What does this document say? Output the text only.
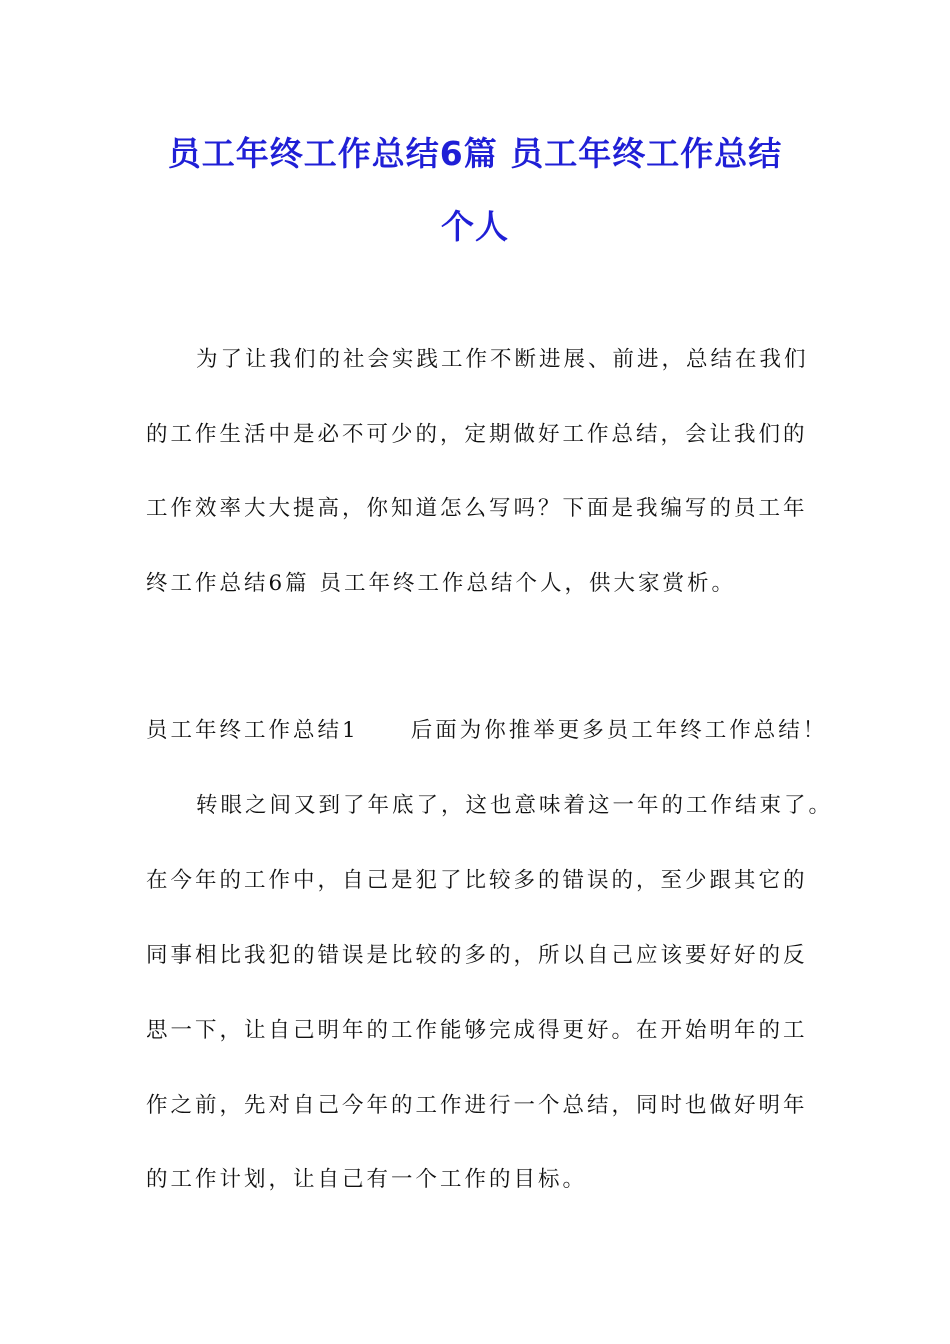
员工年终工作总结6篇 员工年终工作总结
个人
为了让我们的社会实践工作不断进展、前进，总结在我们
的工作生活中是必不可少的，定期做好工作总结，会让我们的
工作效率大大提高，你知道怎么写吗？下面是我编写的员工年
终工作总结6篇 员工年终工作总结个人，供大家赏析。
员工年终工作总结1 后面为你推举更多员工年终工作总结！
转眼之间又到了年底了，这也意味着这一年的工作结束了。
在今年的工作中，自己是犯了比较多的错误的，至少跟其它的
同事相比我犯的错误是比较的多的，所以自己应该要好好的反
思一下，让自己明年的工作能够完成得更好。在开始明年的工
作之前，先对自己今年的工作进行一个总结，同时也做好明年
的工作计划，让自己有一个工作的目标。
